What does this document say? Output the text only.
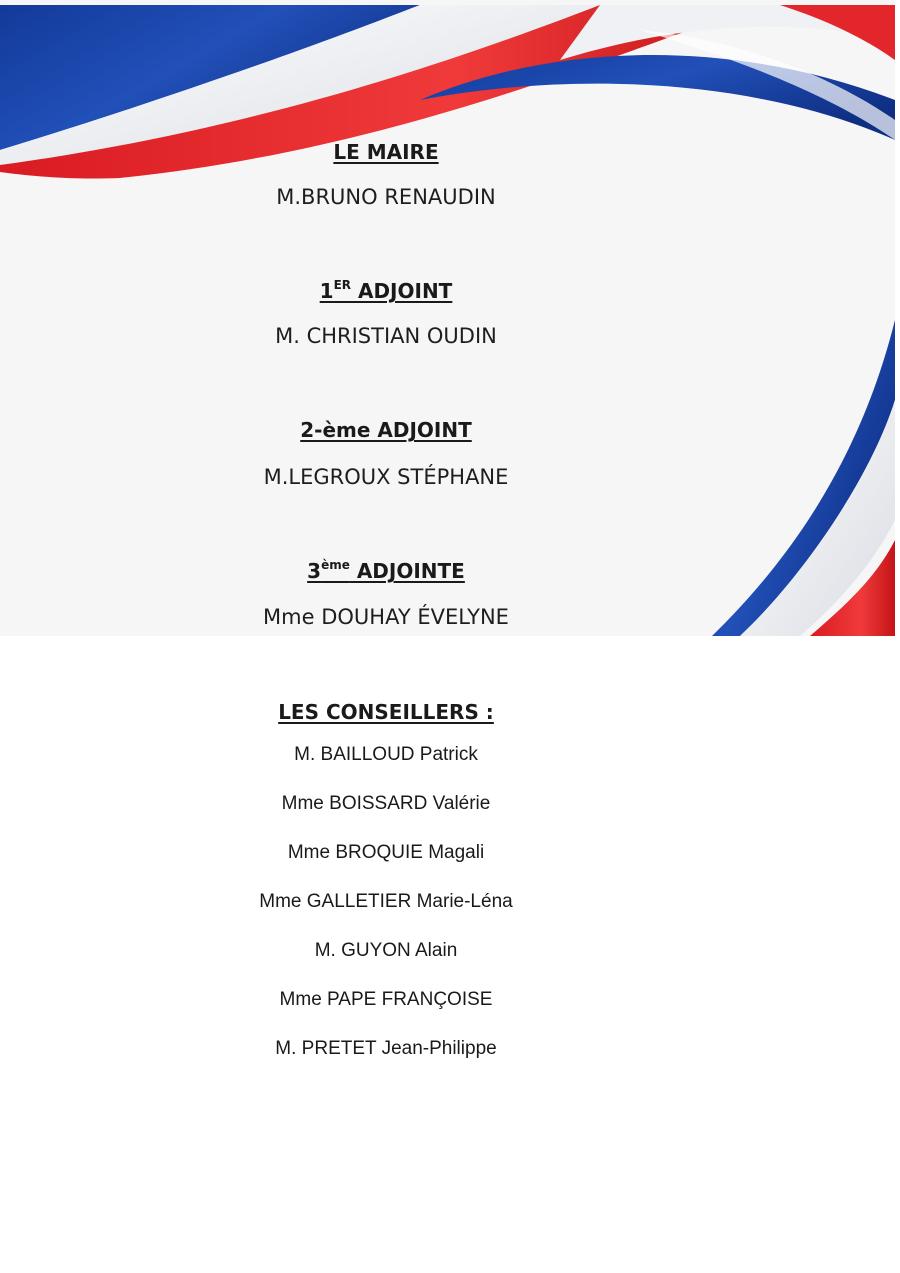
LE MAIRE

M.BRUNO RENAUDIN

1ER ADJOINT

M. CHRISTIAN OUDIN

2-ème ADJOINT

M.LEGROUX STÉPHANE

3ème ADJOINTE

Mme DOUHAY ÉVELYNE

LES CONSEILLERS :

M. BAILLOUD Patrick

Mme BOISSARD Valérie

Mme BROQUIE Magali

Mme GALLETIER Marie-Léna

M. GUYON Alain

Mme PAPE FRANÇOISE

M. PRETET Jean-Philippe
